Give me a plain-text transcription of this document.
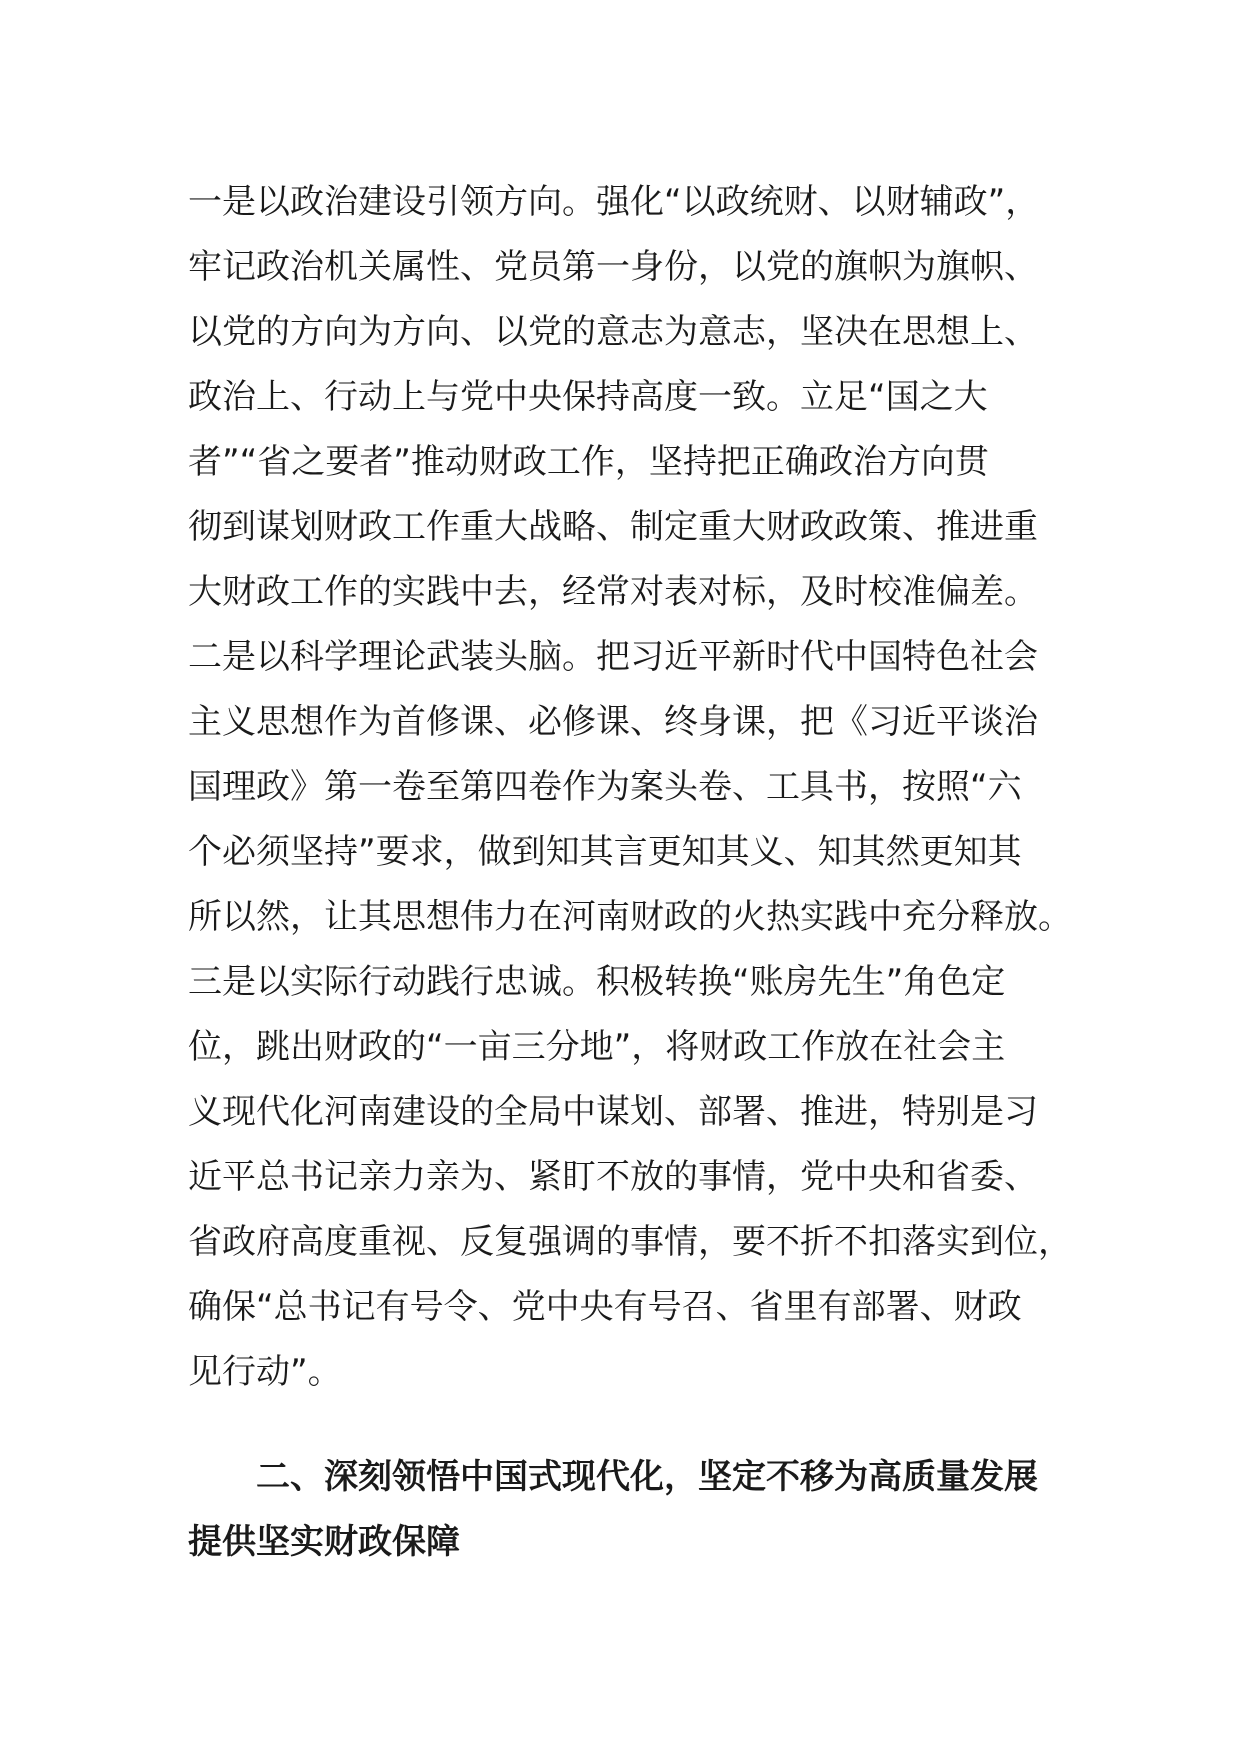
一是以政治建设引领方向。强化“以政统财、以财辅政”，
牢记政治机关属性、党员第一身份，以党的旗帜为旗帜、
以党的方向为方向、以党的意志为意志，坚决在思想上、
政治上、行动上与党中央保持高度一致。立足“国之大
者”“省之要者”推动财政工作，坚持把正确政治方向贯
彻到谋划财政工作重大战略、制定重大财政政策、推进重
大财政工作的实践中去，经常对表对标，及时校准偏差。
二是以科学理论武装头脑。把习近平新时代中国特色社会
主义思想作为首修课、必修课、终身课，把《习近平谈治
国理政》第一卷至第四卷作为案头卷、工具书，按照“六
个必须坚持”要求，做到知其言更知其义、知其然更知其
所以然，让其思想伟力在河南财政的火热实践中充分释放。
三是以实际行动践行忠诚。积极转换“账房先生”角色定
位，跳出财政的“一亩三分地”，将财政工作放在社会主
义现代化河南建设的全局中谋划、部署、推进，特别是习
近平总书记亲力亲为、紧盯不放的事情，党中央和省委、
省政府高度重视、反复强调的事情，要不折不扣落实到位，
确保“总书记有号令、党中央有号召、省里有部署、财政
见行动”。
二、深刻领悟中国式现代化，坚定不移为高质量发展
提供坚实财政保障
